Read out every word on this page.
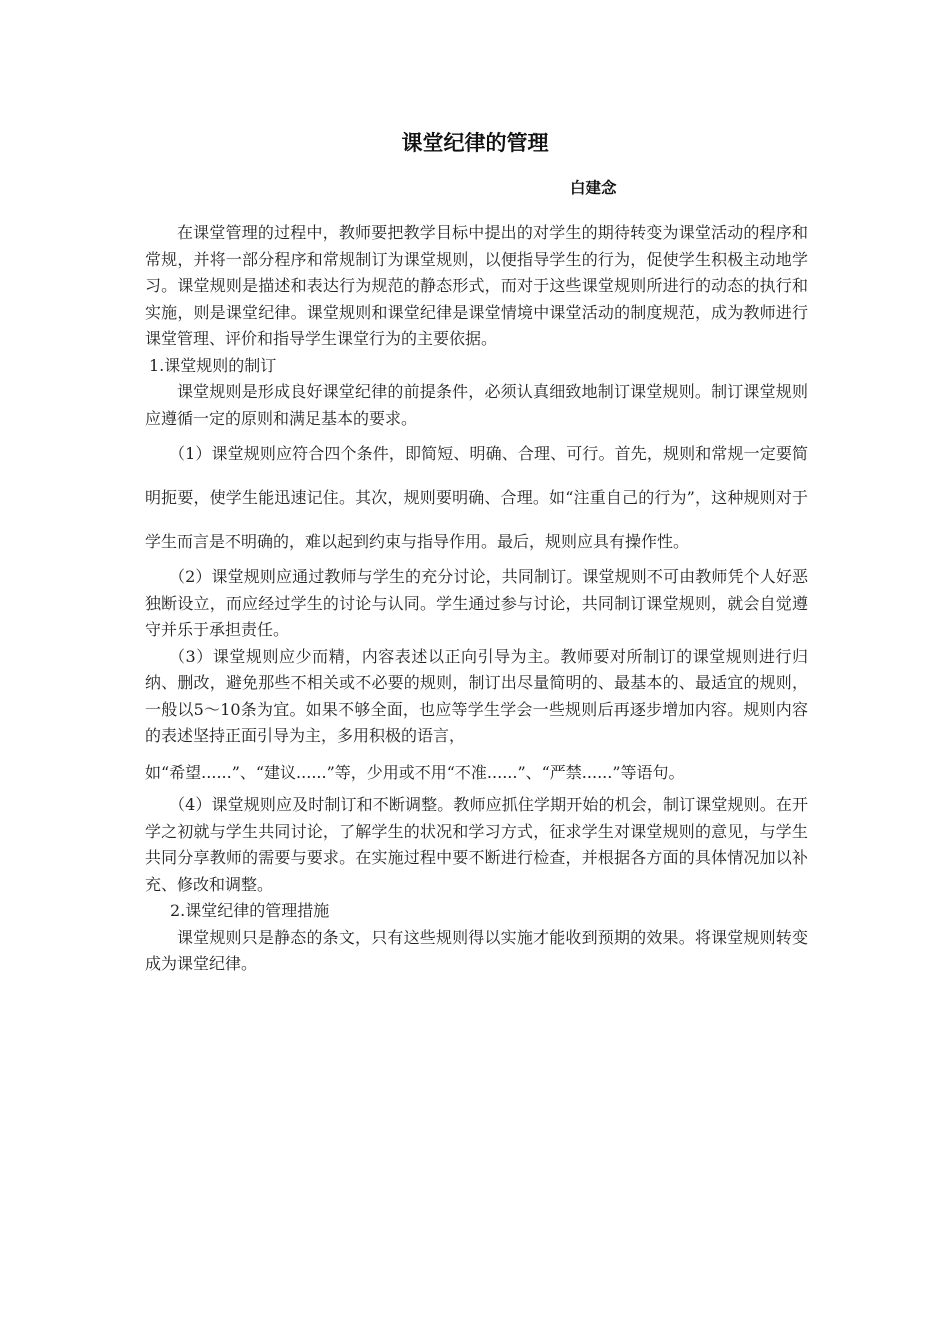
课堂纪律的管理
白建念

在课堂管理的过程中，教师要把教学目标中提出的对学生的期待转变为课堂活动的程序和常规，并将一部分程序和常规制订为课堂规则，以便指导学生的行为，促使学生积极主动地学习。课堂规则是描述和表达行为规范的静态形式，而对于这些课堂规则所进行的动态的执行和实施，则是课堂纪律。课堂规则和课堂纪律是课堂情境中课堂活动的制度规范，成为教师进行课堂管理、评价和指导学生课堂行为的主要依据。

1.课堂规则的制订

课堂规则是形成良好课堂纪律的前提条件，必须认真细致地制订课堂规则。制订课堂规则应遵循一定的原则和满足基本的要求。

（1）课堂规则应符合四个条件，即简短、明确、合理、可行。首先，规则和常规一定要简明扼要，使学生能迅速记住。其次，规则要明确、合理。如“注重自己的行为”，这种规则对于学生而言是不明确的，难以起到约束与指导作用。最后，规则应具有操作性。

（2）课堂规则应通过教师与学生的充分讨论，共同制订。课堂规则不可由教师凭个人好恶独断设立，而应经过学生的讨论与认同。学生通过参与讨论，共同制订课堂规则，就会自觉遵守并乐于承担责任。

（3）课堂规则应少而精，内容表述以正向引导为主。教师要对所制订的课堂规则进行归纳、删改，避免那些不相关或不必要的规则，制订出尽量简明的、最基本的、最适宜的规则，一般以5～10条为宜。如果不够全面，也应等学生学会一些规则后再逐步增加内容。规则内容的表述坚持正面引导为主，多用积极的语言，

如“希望......”、“建议......”等，少用或不用“不准......”、“严禁......”等语句。

（4）课堂规则应及时制订和不断调整。教师应抓住学期开始的机会，制订课堂规则。在开学之初就与学生共同讨论，了解学生的状况和学习方式，征求学生对课堂规则的意见，与学生共同分享教师的需要与要求。在实施过程中要不断进行检查，并根据各方面的具体情况加以补充、修改和调整。

2.课堂纪律的管理措施

课堂规则只是静态的条文，只有这些规则得以实施才能收到预期的效果。将课堂规则转变成为课堂纪律。
